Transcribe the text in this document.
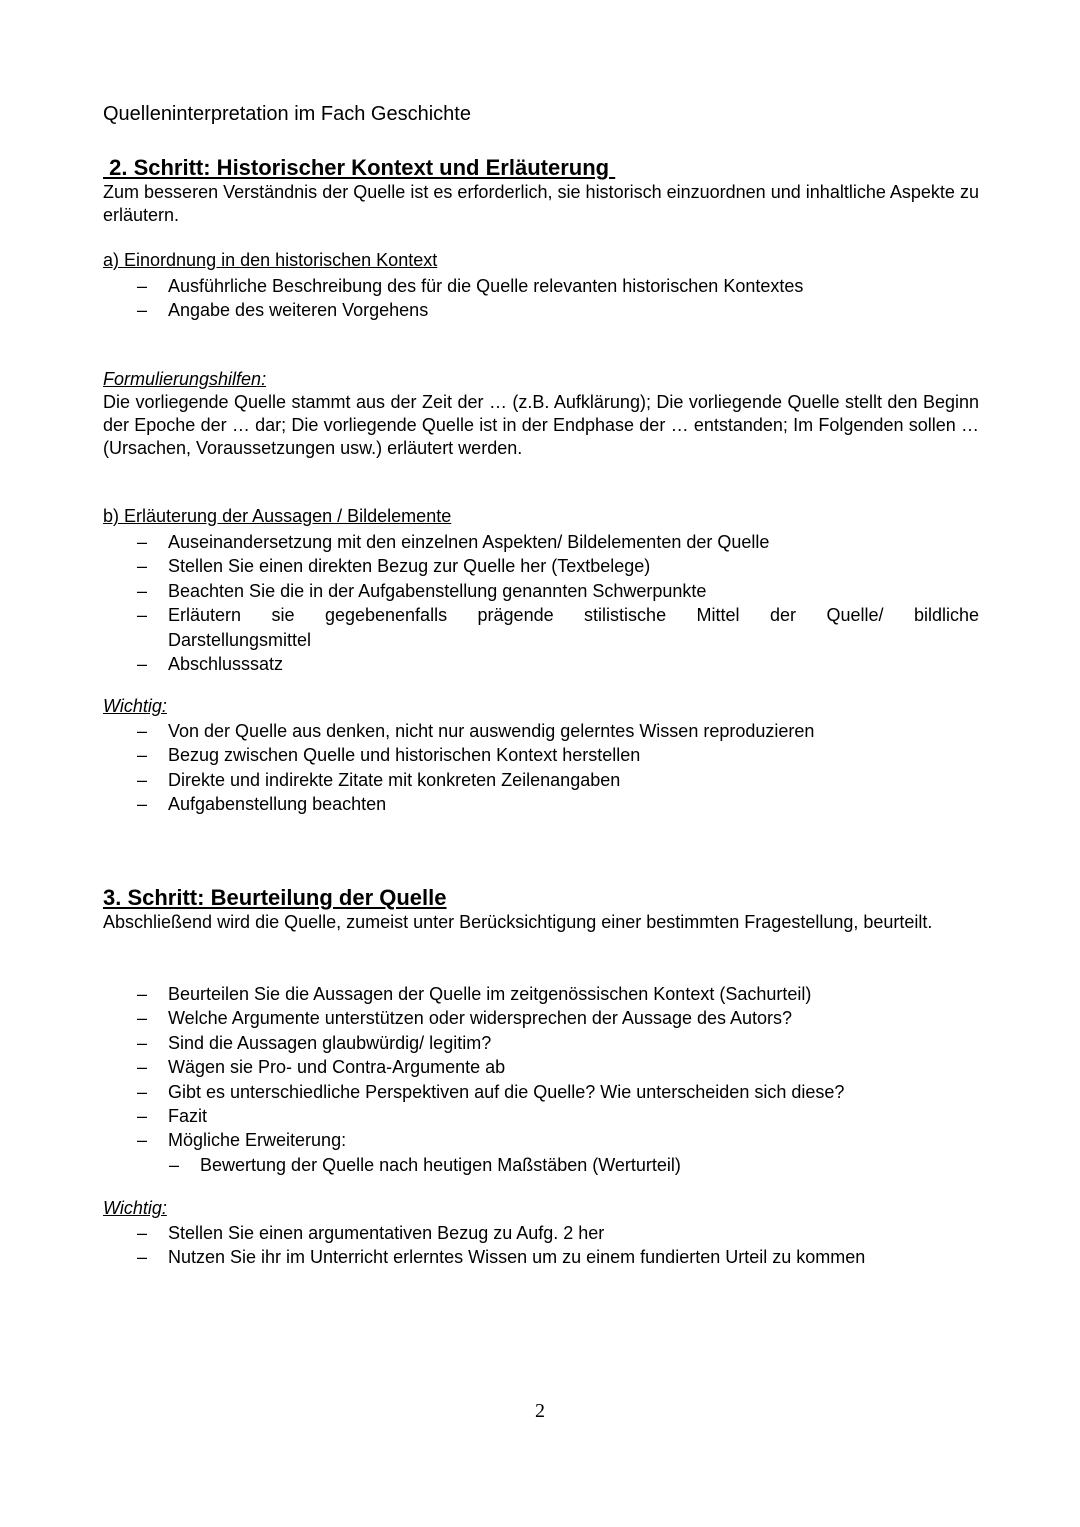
Quelleninterpretation im Fach Geschichte
2. Schritt: Historischer Kontext und Erläuterung
Zum besseren Verständnis der Quelle ist es erforderlich, sie historisch einzuordnen und inhaltliche Aspekte zu erläutern.
a) Einordnung in den historischen Kontext
– Ausführliche Beschreibung des für die Quelle relevanten historischen Kontextes
– Angabe des weiteren Vorgehens
Formulierungshilfen:
Die vorliegende Quelle stammt aus der Zeit der … (z.B. Aufklärung); Die vorliegende Quelle stellt den Beginn der Epoche der … dar; Die vorliegende Quelle ist in der Endphase der … entstanden; Im Folgenden sollen … (Ursachen, Voraussetzungen usw.) erläutert werden.
b) Erläuterung der Aussagen / Bildelemente
– Auseinandersetzung mit den einzelnen Aspekten/ Bildelementen der Quelle
– Stellen Sie einen direkten Bezug zur Quelle her (Textbelege)
– Beachten Sie die in der Aufgabenstellung genannten Schwerpunkte
– Erläutern sie gegebenenfalls prägende stilistische Mittel der Quelle/ bildliche
Darstellungsmittel
– Abschlusssatz
Wichtig:
– Von der Quelle aus denken, nicht nur auswendig gelerntes Wissen reproduzieren
– Bezug zwischen Quelle und historischen Kontext herstellen
– Direkte und indirekte Zitate mit konkreten Zeilenangaben
– Aufgabenstellung beachten
3. Schritt: Beurteilung der Quelle
Abschließend wird die Quelle, zumeist unter Berücksichtigung einer bestimmten Fragestellung, beurteilt.
– Beurteilen Sie die Aussagen der Quelle im zeitgenössischen Kontext (Sachurteil)
– Welche Argumente unterstützen oder widersprechen der Aussage des Autors?
– Sind die Aussagen glaubwürdig/ legitim?
– Wägen sie Pro- und Contra-Argumente ab
– Gibt es unterschiedliche Perspektiven auf die Quelle? Wie unterscheiden sich diese?
– Fazit
– Mögliche Erweiterung:
– Bewertung der Quelle nach heutigen Maßstäben (Werturteil)
Wichtig:
– Stellen Sie einen argumentativen Bezug zu Aufg. 2 her
– Nutzen Sie ihr im Unterricht erlerntes Wissen um zu einem fundierten Urteil zu kommen
2
